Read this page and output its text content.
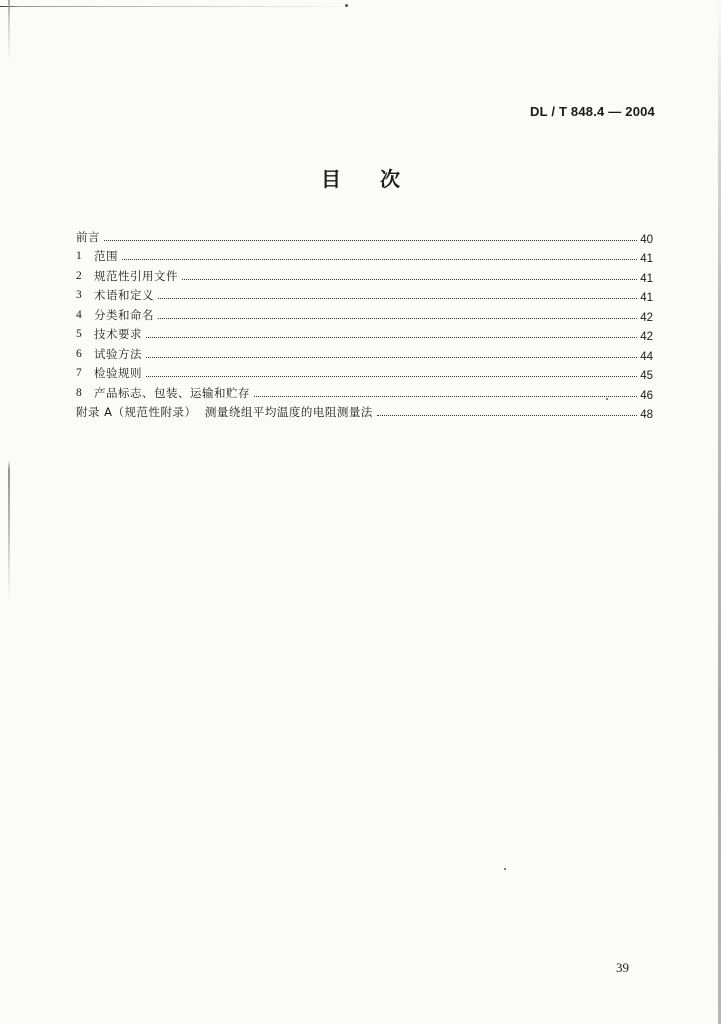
DL / T 848.4 — 2004
目 次
前言	40
1	范围	41
2	规范性引用文件	41
3	术语和定义	41
4	分类和命名	42
5	技术要求	42
6	试验方法	44
7	检验规则	45
8	产品标志、包装、运输和贮存	46
附录 A（规范性附录）  测量绕组平均温度的电阻测量法	48
39
